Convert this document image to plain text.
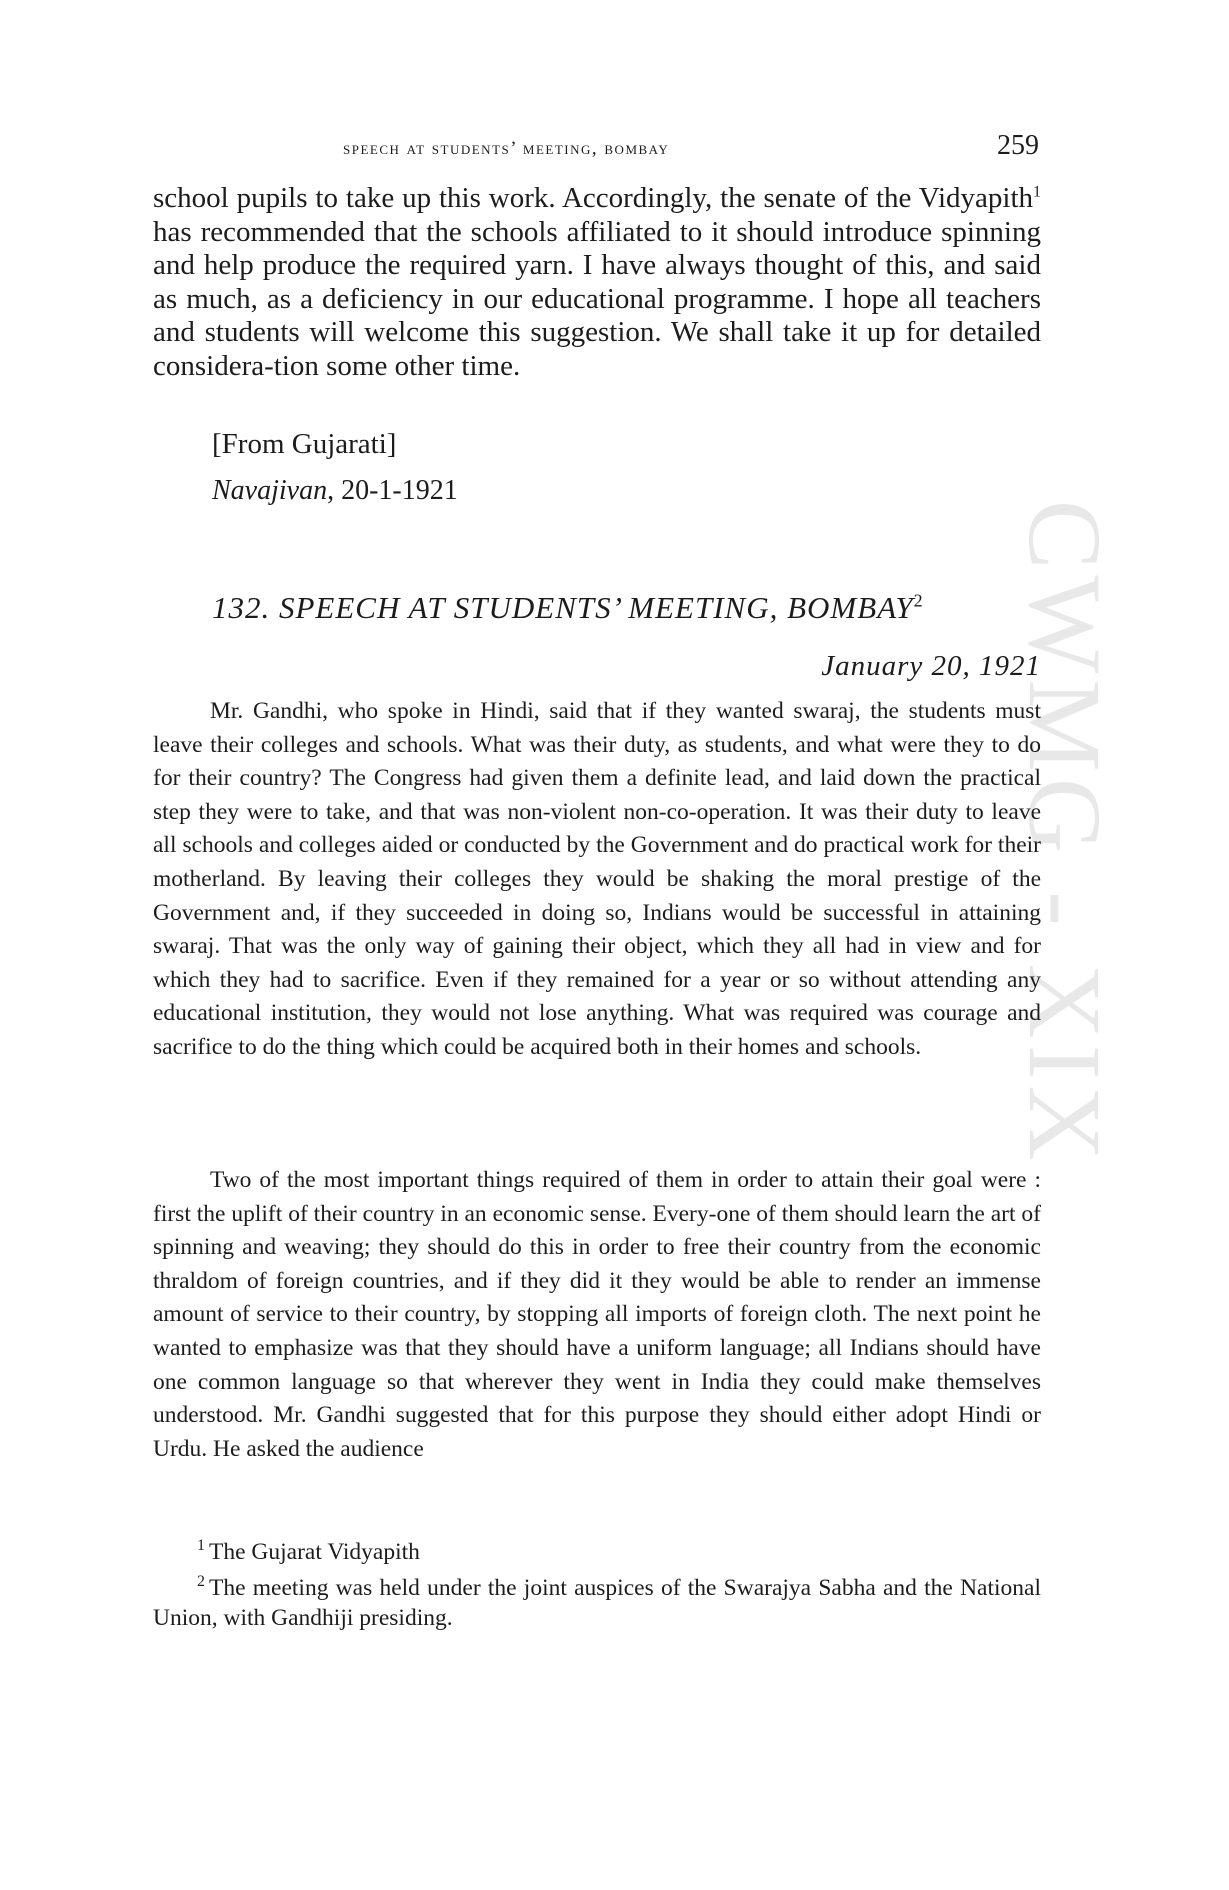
CWMG - XIX
speech at students’ meeting, bombay	259

school pupils to take up this work. Accordingly, the senate of the Vidyapith$^1$ has recommended that the schools affiliated to it should introduce spinning and help produce the required yarn. I have always thought of this, and said as much, as a deficiency in our educational programme. I hope all teachers and students will welcome this suggestion. We shall take it up for detailed considera-tion some other time.

[From Gujarati]
Navajivan, 20-1-1921
132. SPEECH AT STUDENTS’ MEETING, BOMBAY$^2$
January 20, 1921

Mr. Gandhi, who spoke in Hindi, said that if they wanted swaraj, the students must leave their colleges and schools. What was their duty, as students, and what were they to do for their country? The Congress had given them a definite lead, and laid down the practical step they were to take, and that was non-violent non-co-operation. It was their duty to leave all schools and colleges aided or conducted by the Government and do practical work for their motherland. By leaving their colleges they would be shaking the moral prestige of the Government and, if they succeeded in doing so, Indians would be successful in attaining swaraj. That was the only way of gaining their object, which they all had in view and for which they had to sacrifice. Even if they remained for a year or so without attending any educational institution, they would not lose anything. What was required was courage and sacrifice to do the thing which could be acquired both in their homes and schools.

Two of the most important things required of them in order to attain their goal were : first the uplift of their country in an economic sense. Every-one of them should learn the art of spinning and weaving; they should do this in order to free their country from the economic thraldom of foreign countries, and if they did it they would be able to render an immense amount of service to their country, by stopping all imports of foreign cloth. The next point he wanted to emphasize was that they should have a uniform language; all Indians should have one common language so that wherever they went in India they could make themselves understood. Mr. Gandhi suggested that for this purpose they should either adopt Hindi or Urdu. He asked the audience

$^1$ The Gujarat Vidyapith

$^2$ The meeting was held under the joint auspices of the Swarajya Sabha and the National Union, with Gandhiji presiding.
